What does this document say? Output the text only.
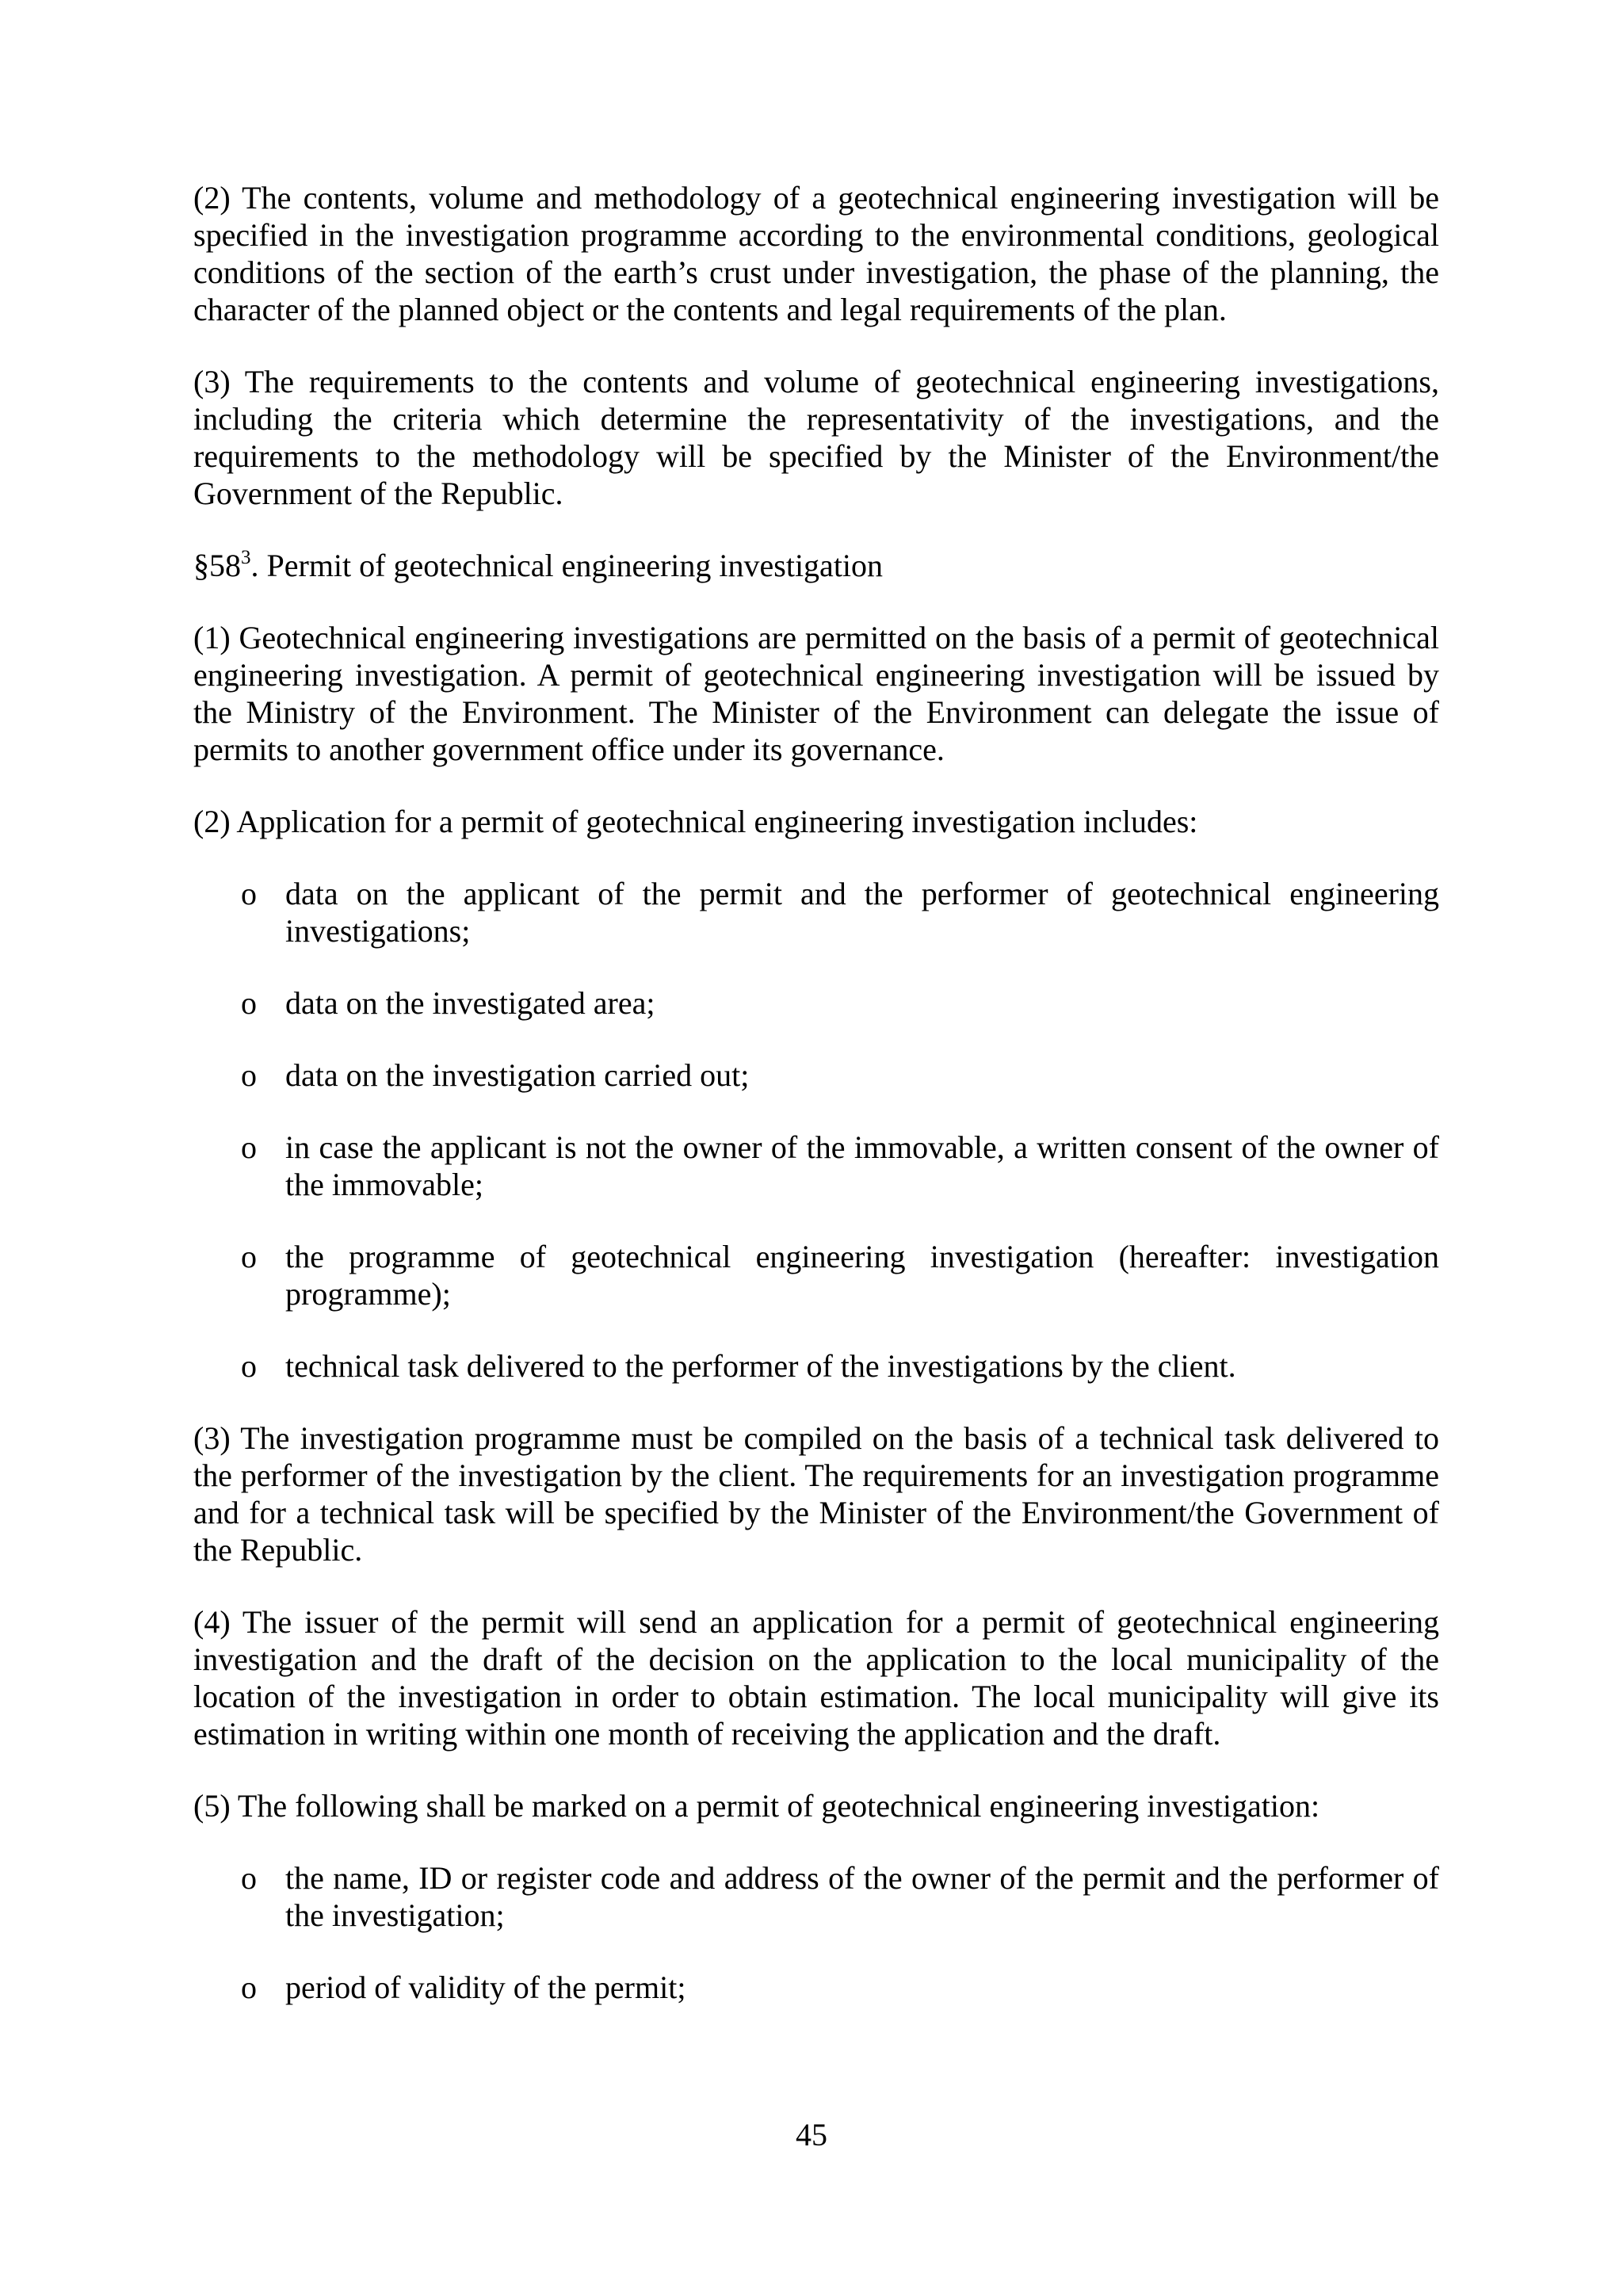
(2) The contents, volume and methodology of a geotechnical engineering investigation will be specified in the investigation programme according to the environmental conditions, geological conditions of the section of the earth’s crust under investigation, the phase of the planning, the character of the planned object or the contents and legal requirements of the plan.

(3) The requirements to the contents and volume of geotechnical engineering investigations, including the criteria which determine the representativity of the investigations, and the requirements to the methodology will be specified by the Minister of the Environment/the Government of the Republic.

$\S 58^3$. Permit of geotechnical engineering investigation

(1) Geotechnical engineering investigations are permitted on the basis of a permit of geotechnical engineering investigation. A permit of geotechnical engineering investigation will be issued by the Ministry of the Environment. The Minister of the Environment can delegate the issue of permits to another government office under its governance.

(2) Application for a permit of geotechnical engineering investigation includes:

o data on the applicant of the permit and the performer of geotechnical engineering investigations;
o data on the investigated area;
o data on the investigation carried out;
o in case the applicant is not the owner of the immovable, a written consent of the owner of the immovable;
o the programme of geotechnical engineering investigation (hereafter: investigation programme);
o technical task delivered to the performer of the investigations by the client.

(3) The investigation programme must be compiled on the basis of a technical task delivered to the performer of the investigation by the client. The requirements for an investigation programme and for a technical task will be specified by the Minister of the Environment/the Government of the Republic.

(4) The issuer of the permit will send an application for a permit of geotechnical engineering investigation and the draft of the decision on the application to the local municipality of the location of the investigation in order to obtain estimation. The local municipality will give its estimation in writing within one month of receiving the application and the draft.

(5) The following shall be marked on a permit of geotechnical engineering investigation:

o the name, ID or register code and address of the owner of the permit and the performer of the investigation;
o period of validity of the permit;
45
